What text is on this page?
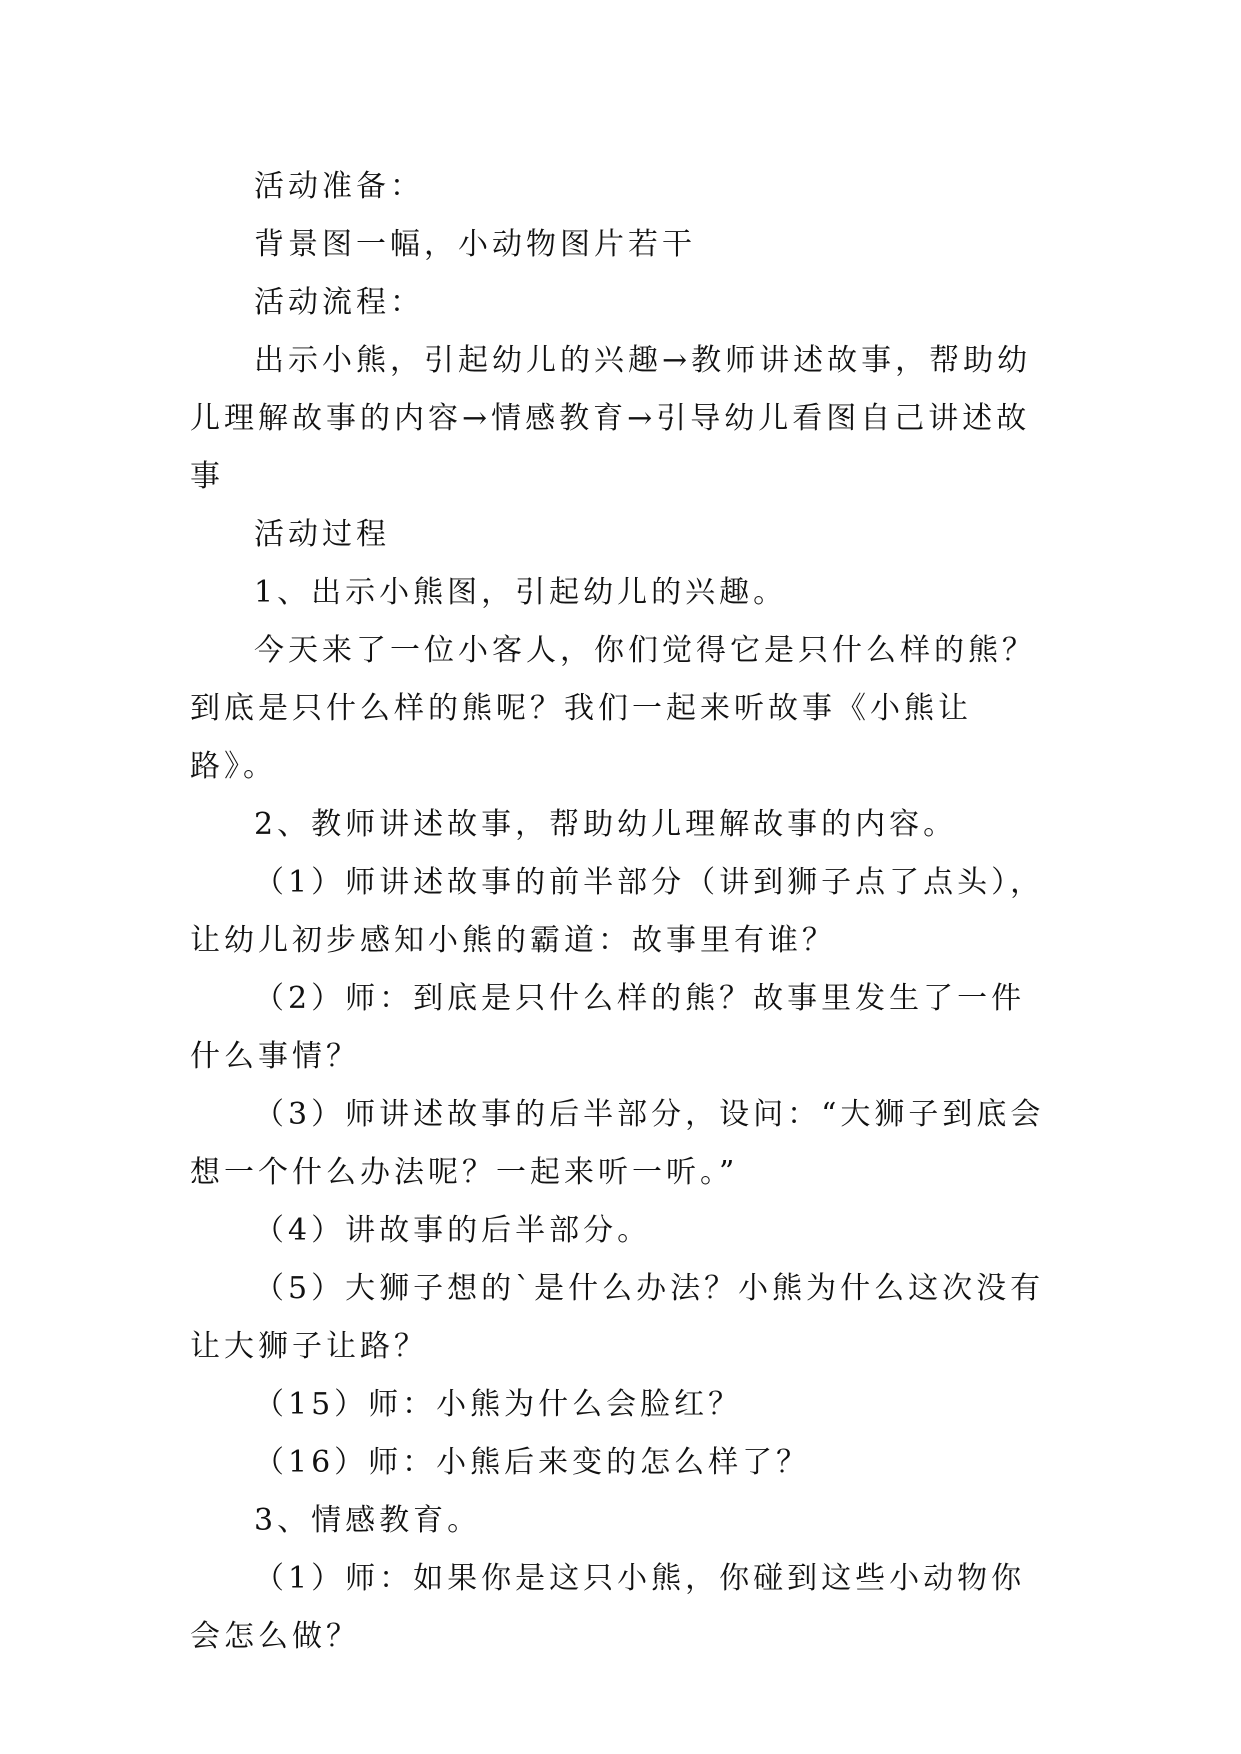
活动准备：

背景图一幅，小动物图片若干

活动流程：

出示小熊，引起幼儿的兴趣→教师讲述故事，帮助幼儿理解故事的内容→情感教育→引导幼儿看图自己讲述故事

活动过程

1、出示小熊图，引起幼儿的兴趣。

今天来了一位小客人，你们觉得它是只什么样的熊？到底是只什么样的熊呢？我们一起来听故事《小熊让路》。

2、教师讲述故事，帮助幼儿理解故事的内容。

（1）师讲述故事的前半部分（讲到狮子点了点头），让幼儿初步感知小熊的霸道：故事里有谁？

（2）师：到底是只什么样的熊？故事里发生了一件什么事情？

（3）师讲述故事的后半部分，设问：“大狮子到底会想一个什么办法呢？一起来听一听。”

（4）讲故事的后半部分。

（5）大狮子想的`是什么办法？小熊为什么这次没有让大狮子让路？

（15）师：小熊为什么会脸红？

（16）师：小熊后来变的怎么样了？

3、情感教育。

（1）师：如果你是这只小熊，你碰到这些小动物你会怎么做？
